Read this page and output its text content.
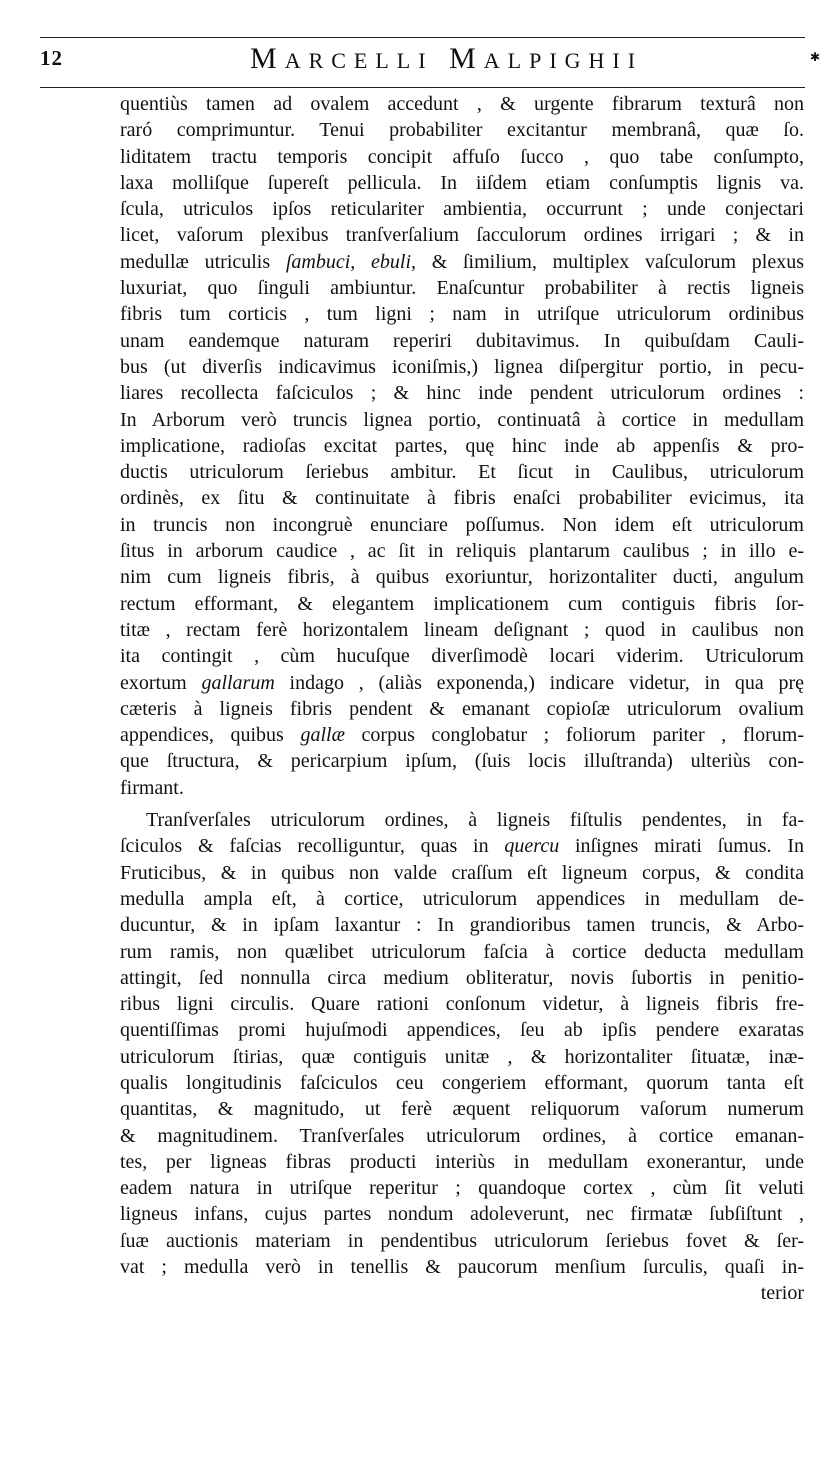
12	MARCELLI MALPIGHII	✱
quentiùs tamen ad ovalem accedunt , & urgente fibrarum texturâ non
raró comprimuntur. Tenui probabiliter excitantur membranâ, quæ ſo.
liditatem tractu temporis concipit affuſo ſucco , quo tabe conſumpto,
laxa molliſque ſupereſt pellicula. In iiſdem etiam conſumptis lignis va.
ſcula, utriculos ipſos reticulariter ambientia, occurrunt ; unde conjectari
licet, vaſorum plexibus tranſverſalium ſacculorum ordines irrigari ; & in
medullæ utriculis ſambuci, ebuli, & ſimilium, multiplex vaſculorum plexus
luxuriat, quo ſinguli ambiuntur. Enaſcuntur probabiliter à rectis ligneis
fibris tum corticis , tum ligni ; nam in utriſque utriculorum ordinibus
unam eandemque naturam reperiri dubitavimus. In quibuſdam Cauli-
bus (ut diverſis indicavimus iconiſmis,) lignea diſpergitur portio, in pecu-
liares recollecta faſciculos ; & hinc inde pendent utriculorum ordines :
In Arborum verò truncis lignea portio, continuatâ à cortice in medullam
implicatione, radioſas excitat partes, quę hinc inde ab appenſis & pro-
ductis utriculorum ſeriebus ambitur. Et ſicut in Caulibus, utriculorum
ordinès, ex ſitu & continuitate à fibris enaſci probabiliter evicimus, ita
in truncis non incongruè enunciare poſſumus. Non idem eſt utriculorum
ſitus in arborum caudice , ac ſit in reliquis plantarum caulibus ; in illo e-
nim cum ligneis fibris, à quibus exoriuntur, horizontaliter ducti, angulum
rectum efformant, & elegantem implicationem cum contiguis fibris ſor-
titæ , rectam ferè horizontalem lineam deſignant ; quod in caulibus non
ita contingit , cùm hucuſque diverſimodè locari viderim. Utriculorum
exortum gallarum indago , (aliàs exponenda,) indicare videtur, in qua prę
cæteris à ligneis fibris pendent & emanant copioſæ utriculorum ovalium
appendices, quibus gallæ corpus conglobatur ; foliorum pariter , florum-
que ſtructura, & pericarpium ipſum, (ſuis locis illuſtranda) ulteriùs con-
firmant.
Tranſverſales utriculorum ordines, à ligneis fiſtulis pendentes, in fa-
ſciculos & faſcias recolliguntur, quas in quercu inſignes mirati ſumus. In
Fruticibus, & in quibus non valde craſſum eſt ligneum corpus, & condita
medulla ampla eſt, à cortice, utriculorum appendices in medullam de-
ducuntur, & in ipſam laxantur : In grandioribus tamen truncis, & Arbo-
rum ramis, non quælibet utriculorum faſcia à cortice deducta medullam
attingit, ſed nonnulla circa medium obliteratur, novis ſubortis in penitio-
ribus ligni circulis. Quare rationi conſonum videtur, à ligneis fibris fre-
quentiſſimas promi hujuſmodi appendices, ſeu ab ipſis pendere exaratas
utriculorum ſtirias, quæ contiguis unitæ , & horizontaliter ſituatæ, inæ-
qualis longitudinis faſciculos ceu congeriem efformant, quorum tanta eſt
quantitas, & magnitudo, ut ferè æquent reliquorum vaſorum numerum
& magnitudinem. Tranſverſales utriculorum ordines, à cortice emanan-
tes, per ligneas fibras producti interiùs in medullam exonerantur, unde
eadem natura in utriſque reperitur ; quandoque cortex , cùm ſit veluti
ligneus infans, cujus partes nondum adoleverunt, nec firmatæ ſubſiſtunt ,
ſuæ auctionis materiam in pendentibus utriculorum ſeriebus fovet & ſer-
vat ; medulla verò in tenellis & paucorum menſium ſurculis, quaſi in-
terior
